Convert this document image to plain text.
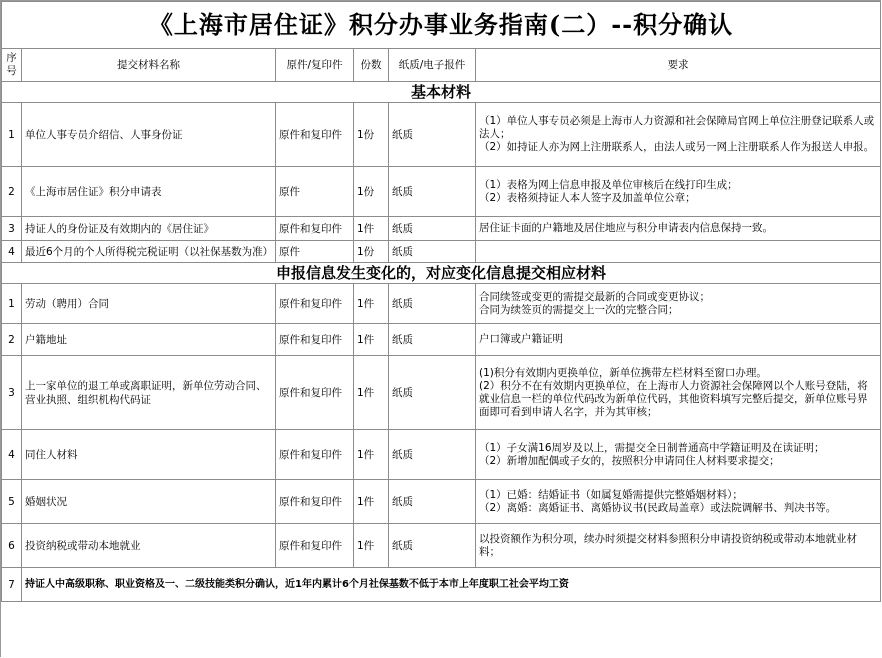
《上海市居住证》积分办事业务指南(二）--积分确认					
序号	提交材料名称	原件/复印件	份数	纸质/电子报件	要求
基本材料					
1	单位人事专员介绍信、人事身份证	原件和复印件	1份	纸质	（1）单位人事专员必须是上海市人力资源和社会保障局官网上单位注册登记联系人或法人；
（2）如持证人亦为网上注册联系人，由法人或另一网上注册联系人作为报送人申报。
2	《上海市居住证》积分申请表	原件	1份	纸质	（1）表格为网上信息申报及单位审核后在线打印生成；
（2）表格须持证人本人签字及加盖单位公章；
3	持证人的身份证及有效期内的《居住证》	原件和复印件	1件	纸质	居住证卡面的户籍地及居住地应与积分申请表内信息保持一致。
4	最近6个月的个人所得税完税证明（以社保基数为准）	原件	1份	纸质	
申报信息发生变化的，对应变化信息提交相应材料					
1	劳动（聘用）合同	原件和复印件	1件	纸质	合同续签或变更的需提交最新的合同或变更协议；
合同为续签页的需提交上一次的完整合同；
2	户籍地址	原件和复印件	1件	纸质	户口簿或户籍证明
3	上一家单位的退工单或离职证明，新单位劳动合同、营业执照、组织机构代码证	原件和复印件	1件	纸质	(1)积分有效期内更换单位，新单位携带左栏材料至窗口办理。
(2）积分不在有效期内更换单位，在上海市人力资源社会保障网以个人账号登陆，将就业信息一栏的单位代码改为新单位代码，其他资料填写完整后提交，新单位账号界面即可看到申请人名字，并为其审核；
4	同住人材料	原件和复印件	1件	纸质	（1）子女满16周岁及以上，需提交全日制普通高中学籍证明及在读证明；
（2）新增加配偶或子女的，按照积分申请同住人材料要求提交；
5	婚姻状况	原件和复印件	1件	纸质	（1）已婚：结婚证书（如属复婚需提供完整婚姻材料）；
（2）离婚：离婚证书、离婚协议书(民政局盖章）或法院调解书、判决书等。
6	投资纳税或带动本地就业	原件和复印件	1件	纸质	以投资额作为积分项，续办时须提交材料参照积分申请投资纳税或带动本地就业材料；
7	持证人中高级职称、职业资格及一、二级技能类积分确认，近1年内累计6个月社保基数不低于本市上年度职工社会平均工资				
